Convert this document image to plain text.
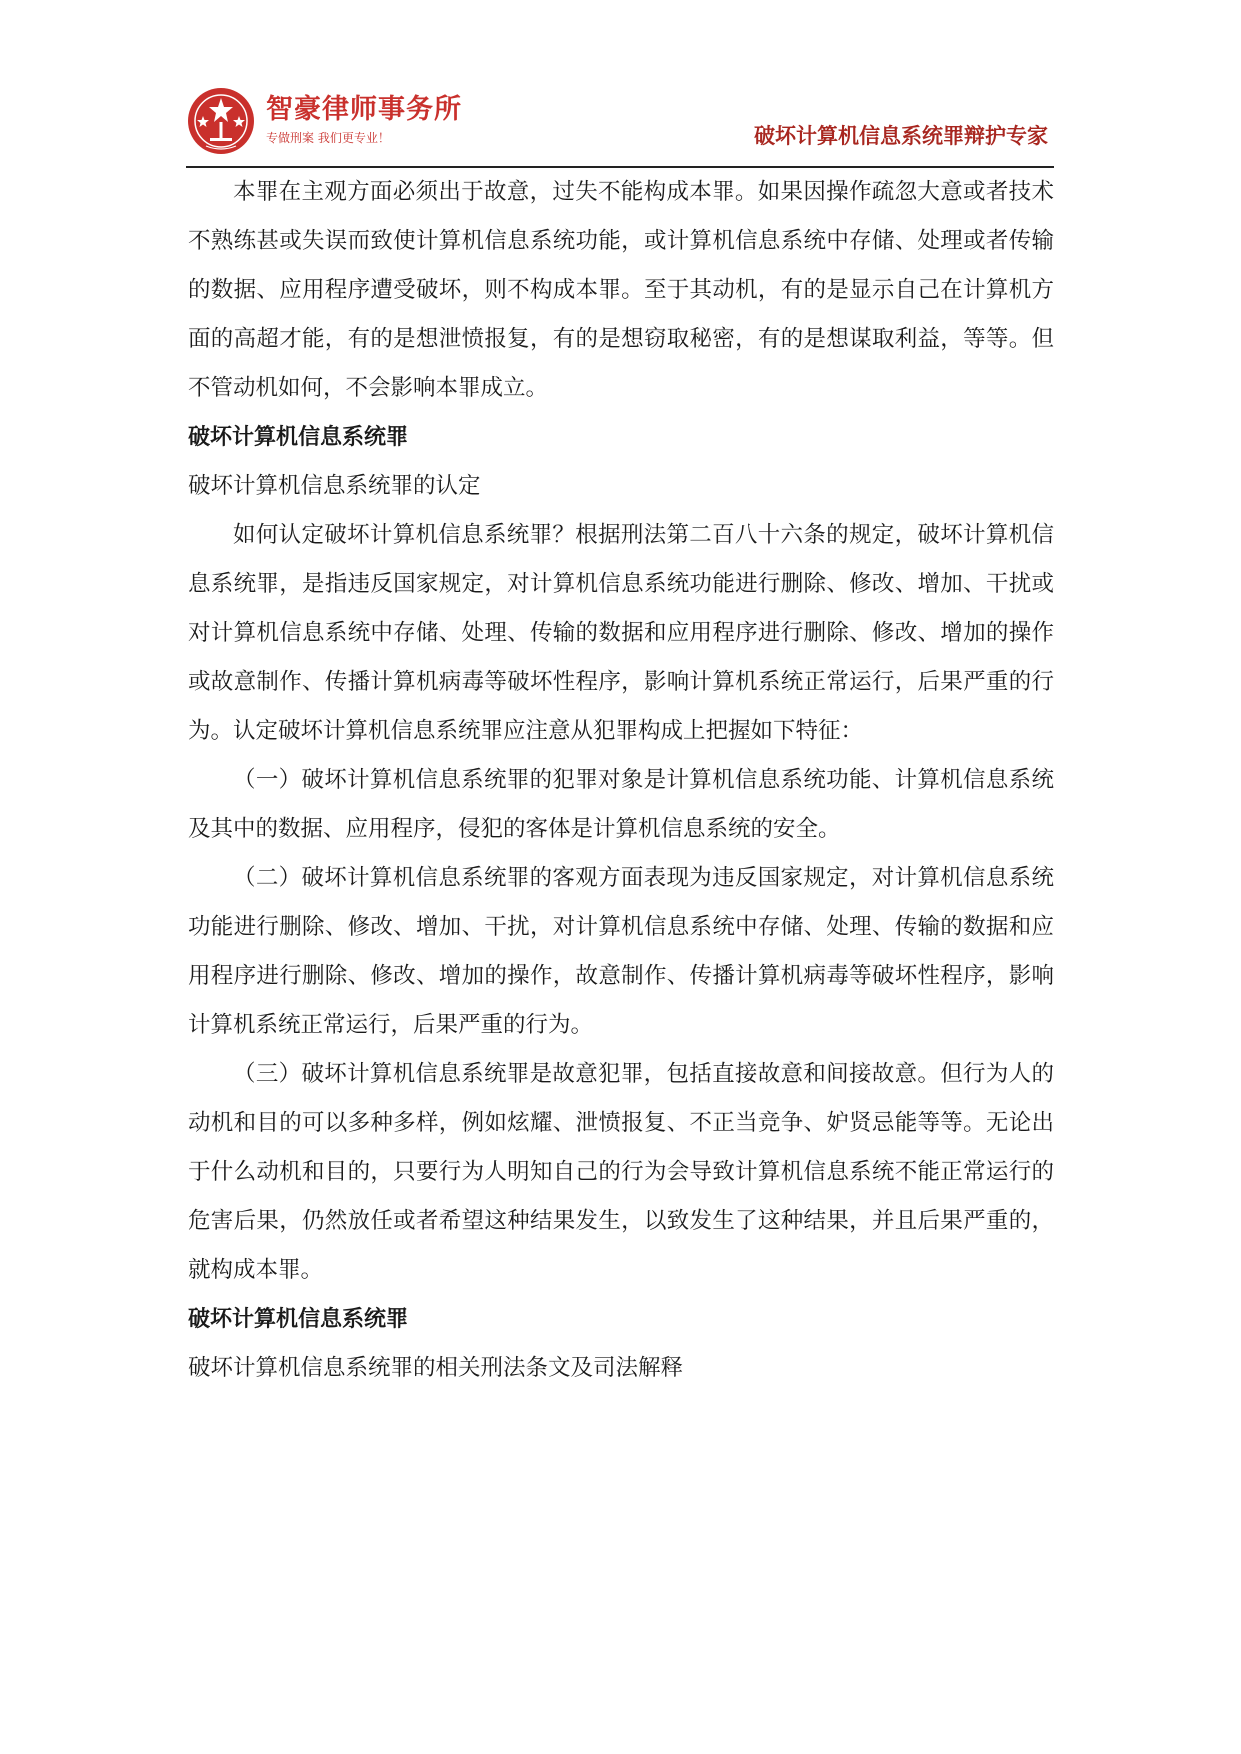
智豪律师事务所
专做刑案 我们更专业！	破坏计算机信息系统罪辩护专家

本罪在主观方面必须出于故意，过失不能构成本罪。如果因操作疏忽大意或者技术不熟练甚或失误而致使计算机信息系统功能，或计算机信息系统中存储、处理或者传输的数据、应用程序遭受破坏，则不构成本罪。至于其动机，有的是显示自己在计算机方面的高超才能，有的是想泄愤报复，有的是想窃取秘密，有的是想谋取利益，等等。但不管动机如何，不会影响本罪成立。

破坏计算机信息系统罪

破坏计算机信息系统罪的认定

如何认定破坏计算机信息系统罪？根据刑法第二百八十六条的规定，破坏计算机信息系统罪，是指违反国家规定，对计算机信息系统功能进行删除、修改、增加、干扰或对计算机信息系统中存储、处理、传输的数据和应用程序进行删除、修改、增加的操作或故意制作、传播计算机病毒等破坏性程序，影响计算机系统正常运行，后果严重的行为。认定破坏计算机信息系统罪应注意从犯罪构成上把握如下特征：

（一）破坏计算机信息系统罪的犯罪对象是计算机信息系统功能、计算机信息系统及其中的数据、应用程序，侵犯的客体是计算机信息系统的安全。

（二）破坏计算机信息系统罪的客观方面表现为违反国家规定，对计算机信息系统功能进行删除、修改、增加、干扰，对计算机信息系统中存储、处理、传输的数据和应用程序进行删除、修改、增加的操作，故意制作、传播计算机病毒等破坏性程序，影响计算机系统正常运行，后果严重的行为。

（三）破坏计算机信息系统罪是故意犯罪，包括直接故意和间接故意。但行为人的动机和目的可以多种多样，例如炫耀、泄愤报复、不正当竞争、妒贤忌能等等。无论出于什么动机和目的，只要行为人明知自己的行为会导致计算机信息系统不能正常运行的危害后果，仍然放任或者希望这种结果发生，以致发生了这种结果，并且后果严重的，就构成本罪。

破坏计算机信息系统罪

破坏计算机信息系统罪的相关刑法条文及司法解释
